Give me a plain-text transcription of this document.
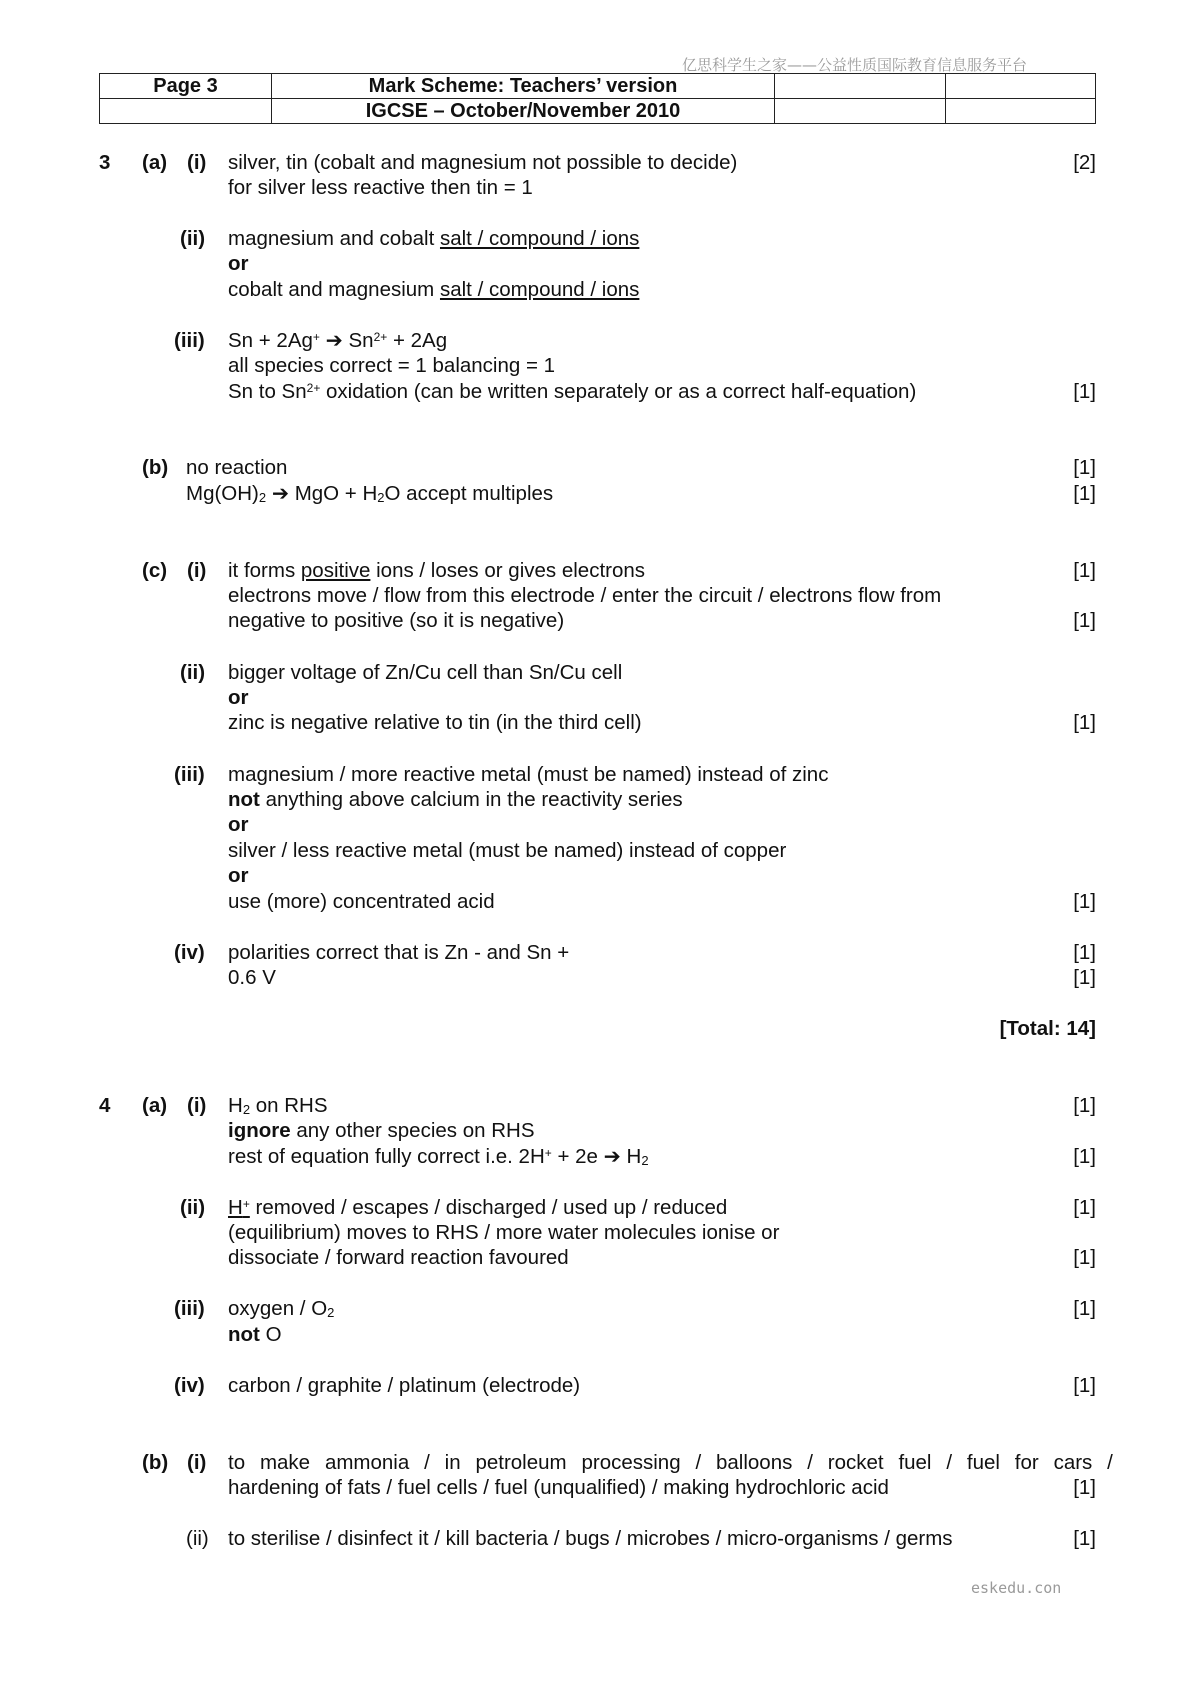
亿思科学生之家——公益性质国际教育信息服务平台
Page 3	Mark Scheme: Teachers’ version		
	IGCSE – October/November 2010		
3 (a) (i) silver, tin (cobalt and magnesium not possible to decide)	[2]
for silver less reactive then tin = 1
(ii) magnesium and cobalt salt / compound / ions
or
cobalt and magnesium salt / compound / ions
(iii) Sn + 2Ag+ ➔ $Sn^{2+} + 2Ag$
all species correct = 1 balancing = 1
Sn to $Sn^{2+}$ oxidation (can be written separately or as a correct half-equation)	[1]
(b) no reaction	[1]
$Mg(OH)_2$ ➔ MgO + $H_2O$ accept multiples	[1]
(c) (i) it forms positive ions / loses or gives electrons	[1]
electrons move / flow from this electrode / enter the circuit / electrons flow from
negative to positive (so it is negative)	[1]
(ii) bigger voltage of Zn/Cu cell than Sn/Cu cell
or
zinc is negative relative to tin (in the third cell)	[1]
(iii) magnesium / more reactive metal (must be named) instead of zinc
not anything above calcium in the reactivity series
or
silver / less reactive metal (must be named) instead of copper
or
use (more) concentrated acid	[1]
(iv) polarities correct that is Zn - and Sn +	[1]
0.6 V	[1]
[Total: 14]
4 (a) (i) $H_2$ on RHS	[1]
ignore any other species on RHS
rest of equation fully correct i.e. 2H+ + 2e ➔ $H_2$	[1]
(ii) H+ removed / escapes / discharged / used up / reduced	[1]
(equilibrium) moves to RHS / more water molecules ionise or
dissociate / forward reaction favoured	[1]
(iii) oxygen / $O_2$	[1]
not O
(iv) carbon / graphite / platinum (electrode)	[1]
(b) (i) to make ammonia / in petroleum processing / balloons / rocket fuel / fuel for cars /
hardening of fats / fuel cells / fuel (unqualified) / making hydrochloric acid	[1]
(ii) to sterilise / disinfect it / kill bacteria / bugs / microbes / micro-organisms / germs	[1]
eskedu.con
